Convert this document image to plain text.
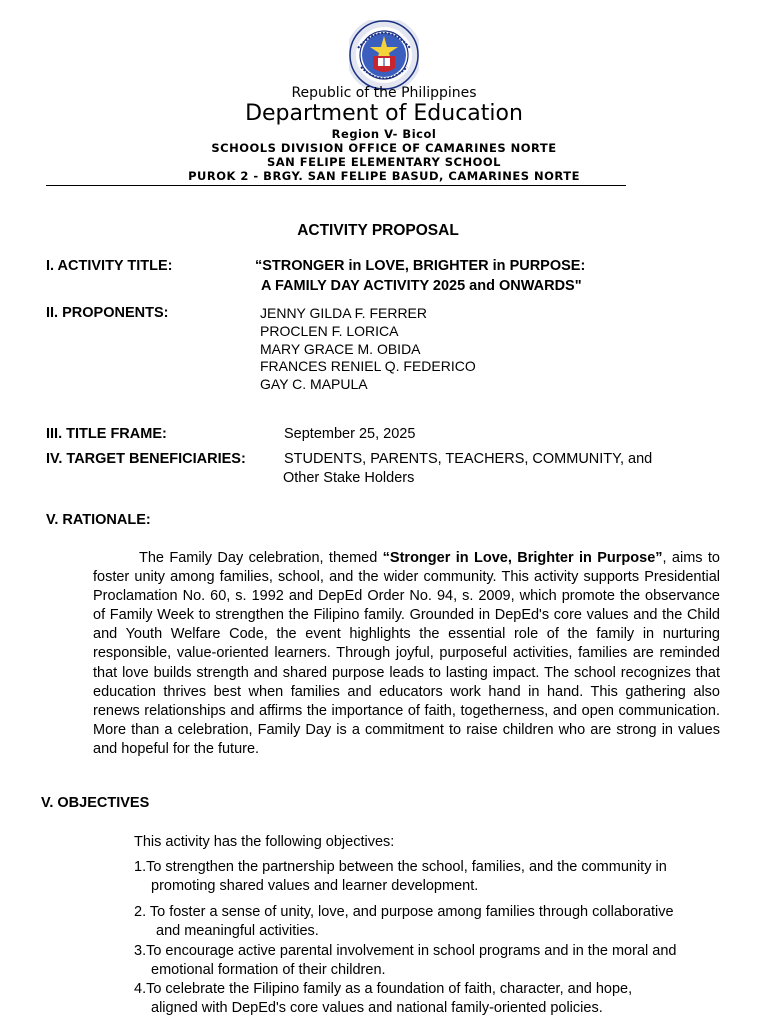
Republic of the Philippines
Department of Education
Region V- Bicol
SCHOOLS DIVISION OFFICE OF CAMARINES NORTE
SAN FELIPE ELEMENTARY SCHOOL
PUROK 2 - BRGY. SAN FELIPE BASUD, CAMARINES NORTE
ACTIVITY PROPOSAL
I. ACTIVITY TITLE:	“STRONGER in LOVE, BRIGHTER in PURPOSE:
A FAMILY DAY ACTIVITY 2025 and ONWARDS"
II. PROPONENTS:	JENNY GILDA F. FERRER
PROCLEN F. LORICA
MARY GRACE M. OBIDA
FRANCES RENIEL Q. FEDERICO
GAY C. MAPULA
III. TITLE FRAME:	September 25, 2025
IV. TARGET BENEFICIARIES:	STUDENTS, PARENTS, TEACHERS, COMMUNITY, and
Other Stake Holders
V. RATIONALE:
The Family Day celebration, themed “Stronger in Love, Brighter in Purpose”, aims to foster unity among families, school, and the wider community. This activity supports Presidential Proclamation No. 60, s. 1992 and DepEd Order No. 94, s. 2009, which promote the observance of Family Week to strengthen the Filipino family. Grounded in DepEd's core values and the Child and Youth Welfare Code, the event highlights the essential role of the family in nurturing responsible, value-oriented learners. Through joyful, purposeful activities, families are reminded that love builds strength and shared purpose leads to lasting impact. The school recognizes that education thrives best when families and educators work hand in hand. This gathering also renews relationships and affirms the importance of faith, togetherness, and open communication. More than a celebration, Family Day is a commitment to raise children who are strong in values and hopeful for the future.
V. OBJECTIVES
This activity has the following objectives:
1.To strengthen the partnership between the school, families, and the community in
promoting shared values and learner development.
2. To foster a sense of unity, love, and purpose among families through collaborative
and meaningful activities.
3.To encourage active parental involvement in school programs and in the moral and
emotional formation of their children.
4.To celebrate the Filipino family as a foundation of faith, character, and hope,
aligned with DepEd's core values and national family-oriented policies.
